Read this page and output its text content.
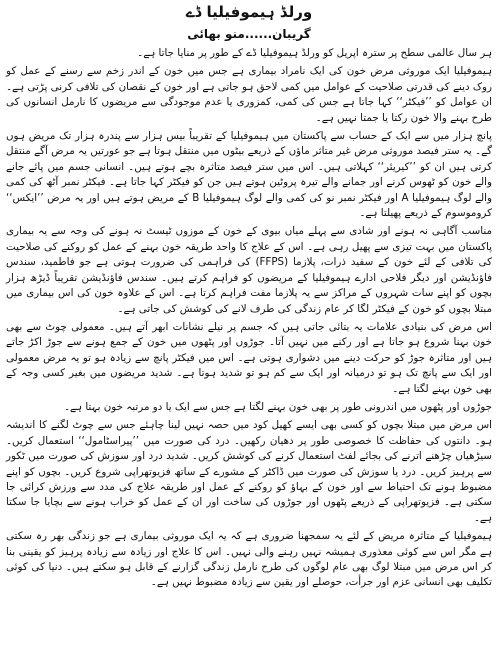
ورلڈ ہیموفیلیا ڈے
گریبان......منو بھائی

ہر سال عالمی سطح پر سترہ اپریل کو ورلڈ ہیموفیلیا ڈے کے طور پر منایا جاتا ہے۔

ہیموفیلیا ایک موروثی مرض خون کی ایک نامراد بیماری ہے جس میں خون کے اندر زخم سے رسنے کے عمل کو روک دینے کی قدرتی صلاحیت کے عوامل میں کمی لاحق ہو جاتی ہے اور خون کے نقصان کی تلافی کرنی پڑتی ہے۔ ان عوامل کو ’’فیکٹر‘‘ کہا جاتا ہے جس کی کمی، کمزوری یا عدم موجودگی سے مریضوں کا نارمل انسانوں کی طرح بہنے والا خون رکتا یا جمتا نہیں ہے۔

پانچ ہزار میں سے ایک کے حساب سے پاکستان میں ہیموفیلیا کے تقریباً بیس ہزار سے پندرہ ہزار تک مریض ہوں گے۔ یہ ستر فیصد موروثی مرض غیر متاثر ماؤں کے ذریعے بیٹوں میں منتقل ہوتا ہے جو عورتیں یہ مرض آگے منتقل کرتی ہیں ان کو ’’کیریئر‘‘ کہلاتی ہیں۔ اس میں ستر فیصد متاثرہ بچے ہوتے ہیں۔ انسانی جسم میں پائے جانے والے خون کو ٹھوس کرنے اور جمانے والے تیرہ پروٹین ہوتے ہیں جن کو فیکٹر کہا جاتا ہے۔ فیکٹر نمبر آٹھ کی کمی والے لوگ ہیموفیلیا A اور فیکٹر نمبر نو کی کمی والے لوگ ہیموفیلیا B کے مریض ہوتے ہیں اور یہ مرض ’’ایکس‘‘ کروموسوم کے ذریعے پھیلتا ہے۔

مناسب آگاہی نہ ہونے اور شادی سے پہلے میاں بیوی کے خون کے موزوں ٹیسٹ نہ ہونے کی وجہ سے یہ بیماری پاکستان میں بہت تیزی سے پھیل رہی ہے۔ اس کے علاج کا واحد طریقہ خون بہنے کے عمل کو روکنے کی صلاحیت کی تلافی کے لئے خون کے سفید ذرات، پلازما (FFPS) کی فراہمی کی ضرورت ہوتی ہے جو فاطمید، سندس فاؤنڈیشن اور دیگر فلاحی ادارے ہیموفیلیا کے مریضوں کو فراہم کرتے ہیں۔ سندس فاؤنڈیشن تقریباً ڈیڑھ ہزار بچوں کو اپنے سات شہروں کے مراکز سے یہ پلازما مفت فراہم کرتا ہے۔ اس کے علاوہ خون کی اس بیماری میں مبتلا بچوں کو خون کے فیکٹر لگا کر عام زندگی کی طرف لانے کی کوشش کی جاتی ہے۔

اس مرض کی بنیادی علامات یہ بتائی جاتی ہیں کہ جسم پر نیلے نشانات ابھر آتے ہیں۔ معمولی چوٹ سے بھی خون بہنا شروع ہو جاتا ہے اور رکنے میں نہیں آتا۔ جوڑوں اور پٹھوں میں خون کے جمع ہونے سے جوڑ اکڑ جاتے ہیں اور متاثرہ جوڑ کو حرکت دینے میں دشواری ہوتی ہے۔ اس میں فیکٹر پانچ سے زیادہ ہو تو یہ مرض معمولی اور ایک سے پانچ تک ہو تو درمیانہ اور ایک سے کم ہو تو شدید ہوتا ہے۔ شدید مریضوں میں بغیر کسی وجہ کے بھی خون بہنے لگتا ہے۔

جوڑوں اور پٹھوں میں اندرونی طور پر بھی خون بہنے لگتا ہے جس سے ایک یا دو مرتبہ خون بہتا ہے۔

اس مرض میں مبتلا بچوں کو کسی بھی ایسے کھیل کود میں حصہ نہیں لینا چاہئے جس سے چوٹ لگنے کا اندیشہ ہو۔ دانتوں کی حفاظت کا خصوصی طور پر دھیان رکھیں۔ درد کی صورت میں ’’پیراسٹامول‘‘ استعمال کریں۔ سیڑھیاں چڑھنے اترنے کی بجائے لفٹ استعمال کرنے کی کوشش کریں۔ شدید درد اور سوزش کی صورت میں ٹکور سے پرہیز کریں۔ درد یا سوزش کی صورت میں ڈاکٹر کے مشورے کے ساتھ فزیوتھراپی شروع کریں۔ بچوں کو اپنے مضبوط ہونے تک احتیاط سے اور خون کے بہاؤ کو روکنے کے عمل اور طریقہ علاج کی مدد سے ورزش کرائی جا سکتی ہے۔ فزیوتھراپی کے ذریعے پٹھوں اور جوڑوں کی ساخت اور ان کے عمل کو خراب ہونے سے بچایا جا سکتا ہے۔

ہیموفیلیا کے متاثرہ مریض کے لئے یہ سمجھنا ضروری ہے کہ یہ ایک موروثی بیماری ہے جو زندگی بھر رہ سکتی ہے مگر اس سے کوئی معذوری ہمیشہ نہیں رہنے والی نہیں۔ اس کا علاج اور زیادہ سے زیادہ پرہیز کو یقینی بنا کر اس مرض میں مبتلا لوگ بھی عام لوگوں کی طرح نارمل زندگی گزارنے کے قابل ہو سکتے ہیں۔ دنیا کی کوئی تکلیف بھی انسانی عزم اور جرأت، حوصلے اور یقین سے زیادہ مضبوط نہیں ہے۔
